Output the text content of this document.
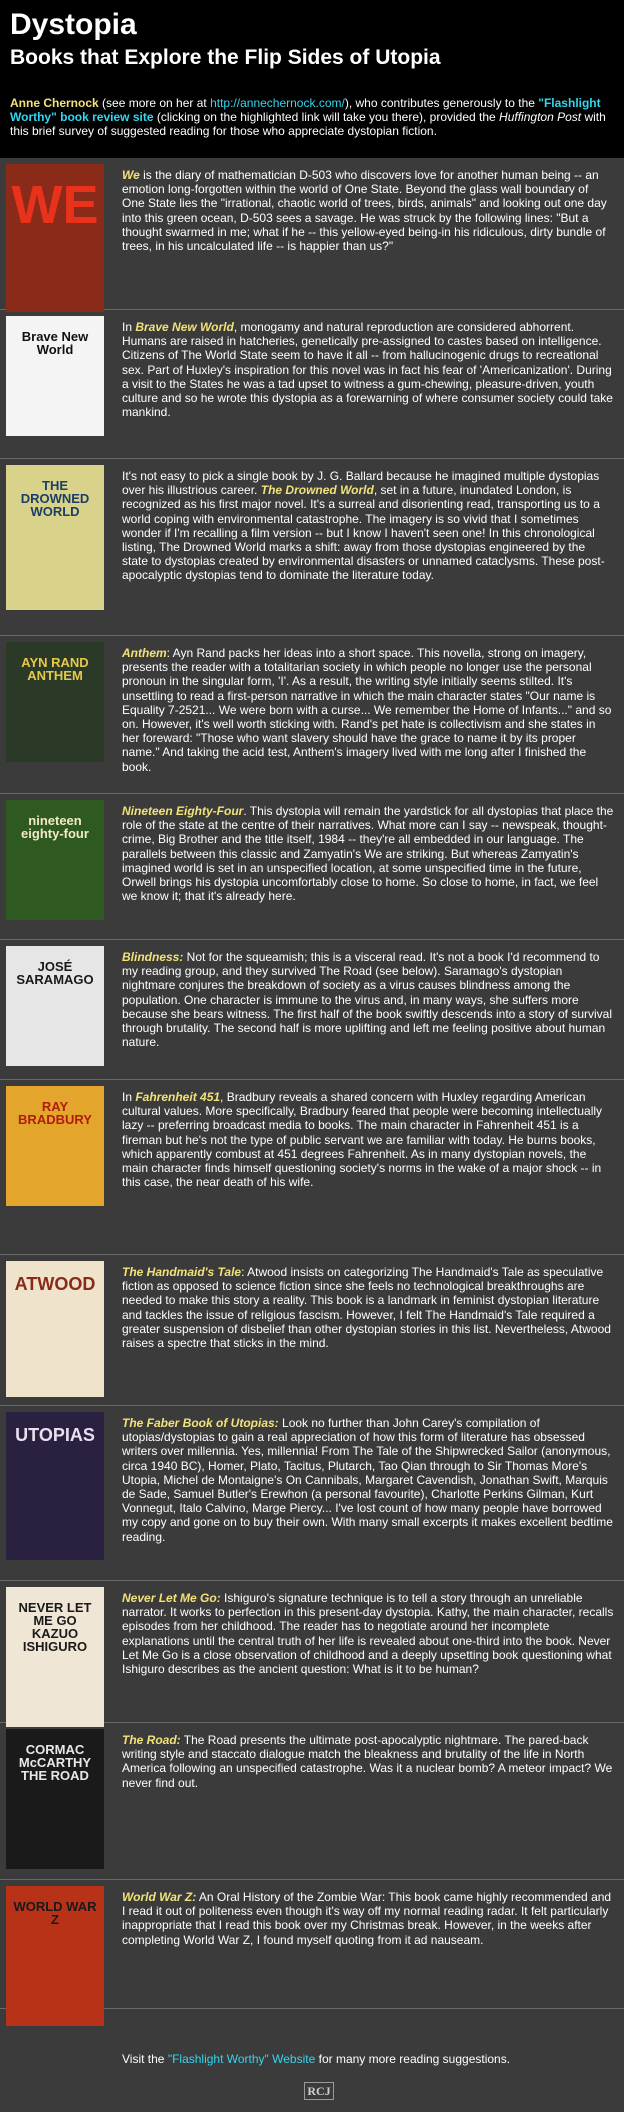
Dystopia
Books that Explore the Flip Sides of Utopia
Anne Chernock (see more on her at http://annechernock.com/), who contributes generously to the "Flashlight Worthy" book review site (clicking on the highlighted link will take you there), provided the Huffington Post with this brief survey of suggested reading for those who appreciate dystopian fiction.
WE	We is the diary of mathematician D-503 who discovers love for another human being -- an emotion long-forgotten within the world of One State. Beyond the glass wall boundary of One State lies the "irrational, chaotic world of trees, birds, animals" and looking out one day into this green ocean, D-503 sees a savage. He was struck by the following lines: "But a thought swarmed in me; what if he -- this yellow-eyed being-in his ridiculous, dirty bundle of trees, in his uncalculated life -- is happier than us?"
Brave New World
In Brave New World, monogamy and natural reproduction are considered abhorrent. Humans are raised in hatcheries, genetically pre-assigned to castes based on intelligence. Citizens of The World State seem to have it all -- from hallucinogenic drugs to recreational sex. Part of Huxley's inspiration for this novel was in fact his fear of 'Americanization'. During a visit to the States he was a tad upset to witness a gum-chewing, pleasure-driven, youth culture and so he wrote this dystopia as a forewarning of where consumer society could take mankind.
THE DROWNED WORLD
It's not easy to pick a single book by J. G. Ballard because he imagined multiple dystopias over his illustrious career. The Drowned World, set in a future, inundated London, is recognized as his first major novel. It's a surreal and disorienting read, transporting us to a world coping with environmental catastrophe. The imagery is so vivid that I sometimes wonder if I'm recalling a film version -- but I know I haven't seen one! In this chronological listing, The Drowned World marks a shift: away from those dystopias engineered by the state to dystopias created by environmental disasters or unnamed cataclysms. These post-apocalyptic dystopias tend to dominate the literature today.
AYN RAND ANTHEM
Anthem: Ayn Rand packs her ideas into a short space. This novella, strong on imagery, presents the reader with a totalitarian society in which people no longer use the personal pronoun in the singular form, 'I'. As a result, the writing style initially seems stilted. It's unsettling to read a first-person narrative in which the main character states "Our name is Equality 7-2521... We were born with a curse... We remember the Home of Infants..." and so on. However, it's well worth sticking with. Rand's pet hate is collectivism and she states in her foreward: "Those who want slavery should have the grace to name it by its proper name." And taking the acid test, Anthem's imagery lived with me long after I finished the book.
nineteen eighty-four
Nineteen Eighty-Four. This dystopia will remain the yardstick for all dystopias that place the role of the state at the centre of their narratives. What more can I say -- newspeak, thought-crime, Big Brother and the title itself, 1984 -- they're all embedded in our language. The parallels between this classic and Zamyatin's We are striking. But whereas Zamyatin's imagined world is set in an unspecified location, at some unspecified time in the future, Orwell brings his dystopia uncomfortably close to home. So close to home, in fact, we feel we know it; that it's already here.
JOSÉ SARAMAGO
Blindness: Not for the squeamish; this is a visceral read. It's not a book I'd recommend to my reading group, and they survived The Road (see below). Saramago's dystopian nightmare conjures the breakdown of society as a virus causes blindness among the population. One character is immune to the virus and, in many ways, she suffers more because she bears witness. The first half of the book swiftly descends into a story of survival through brutality. The second half is more uplifting and left me feeling positive about human nature.
RAY BRADBURY
In Fahrenheit 451, Bradbury reveals a shared concern with Huxley regarding American cultural values. More specifically, Bradbury feared that people were becoming intellectually lazy -- preferring broadcast media to books. The main character in Fahrenheit 451 is a fireman but he's not the type of public servant we are familiar with today. He burns books, which apparently combust at 451 degrees Fahrenheit. As in many dystopian novels, the main character finds himself questioning society's norms in the wake of a major shock -- in this case, the near death of his wife.
ATWOOD
The Handmaid's Tale: Atwood insists on categorizing The Handmaid's Tale as speculative fiction as opposed to science fiction since she feels no technological breakthroughs are needed to make this story a reality. This book is a landmark in feminist dystopian literature and tackles the issue of religious fascism. However, I felt The Handmaid's Tale required a greater suspension of disbelief than other dystopian stories in this list. Nevertheless, Atwood raises a spectre that sticks in the mind.
UTOPIAS
The Faber Book of Utopias: Look no further than John Carey's compilation of utopias/dystopias to gain a real appreciation of how this form of literature has obsessed writers over millennia. Yes, millennia! From The Tale of the Shipwrecked Sailor (anonymous, circa 1940 BC), Homer, Plato, Tacitus, Plutarch, Tao Qian through to Sir Thomas More's Utopia, Michel de Montaigne's On Cannibals, Margaret Cavendish, Jonathan Swift, Marquis de Sade, Samuel Butler's Erewhon (a personal favourite), Charlotte Perkins Gilman, Kurt Vonnegut, Italo Calvino, Marge Piercy... I've lost count of how many people have borrowed my copy and gone on to buy their own. With many small excerpts it makes excellent bedtime reading.
NEVER LET ME GO KAZUO ISHIGURO
Never Let Me Go: Ishiguro's signature technique is to tell a story through an unreliable narrator. It works to perfection in this present-day dystopia. Kathy, the main character, recalls episodes from her childhood. The reader has to negotiate around her incomplete explanations until the central truth of her life is revealed about one-third into the book. Never Let Me Go is a close observation of childhood and a deeply upsetting book questioning what Ishiguro describes as the ancient question: What is it to be human?
CORMAC McCARTHY THE ROAD
The Road: The Road presents the ultimate post-apocalyptic nightmare. The pared-back writing style and staccato dialogue match the bleakness and brutality of the life in North America following an unspecified catastrophe. Was it a nuclear bomb? A meteor impact? We never find out.
WORLD WAR Z
World War Z: An Oral History of the Zombie War: This book came highly recommended and I read it out of politeness even though it's way off my normal reading radar. It felt particularly inappropriate that I read this book over my Christmas break. However, in the weeks after completing World War Z, I found myself quoting from it ad nauseam.
Visit the "Flashlight Worthy" Website for many more reading suggestions.
RCJ
